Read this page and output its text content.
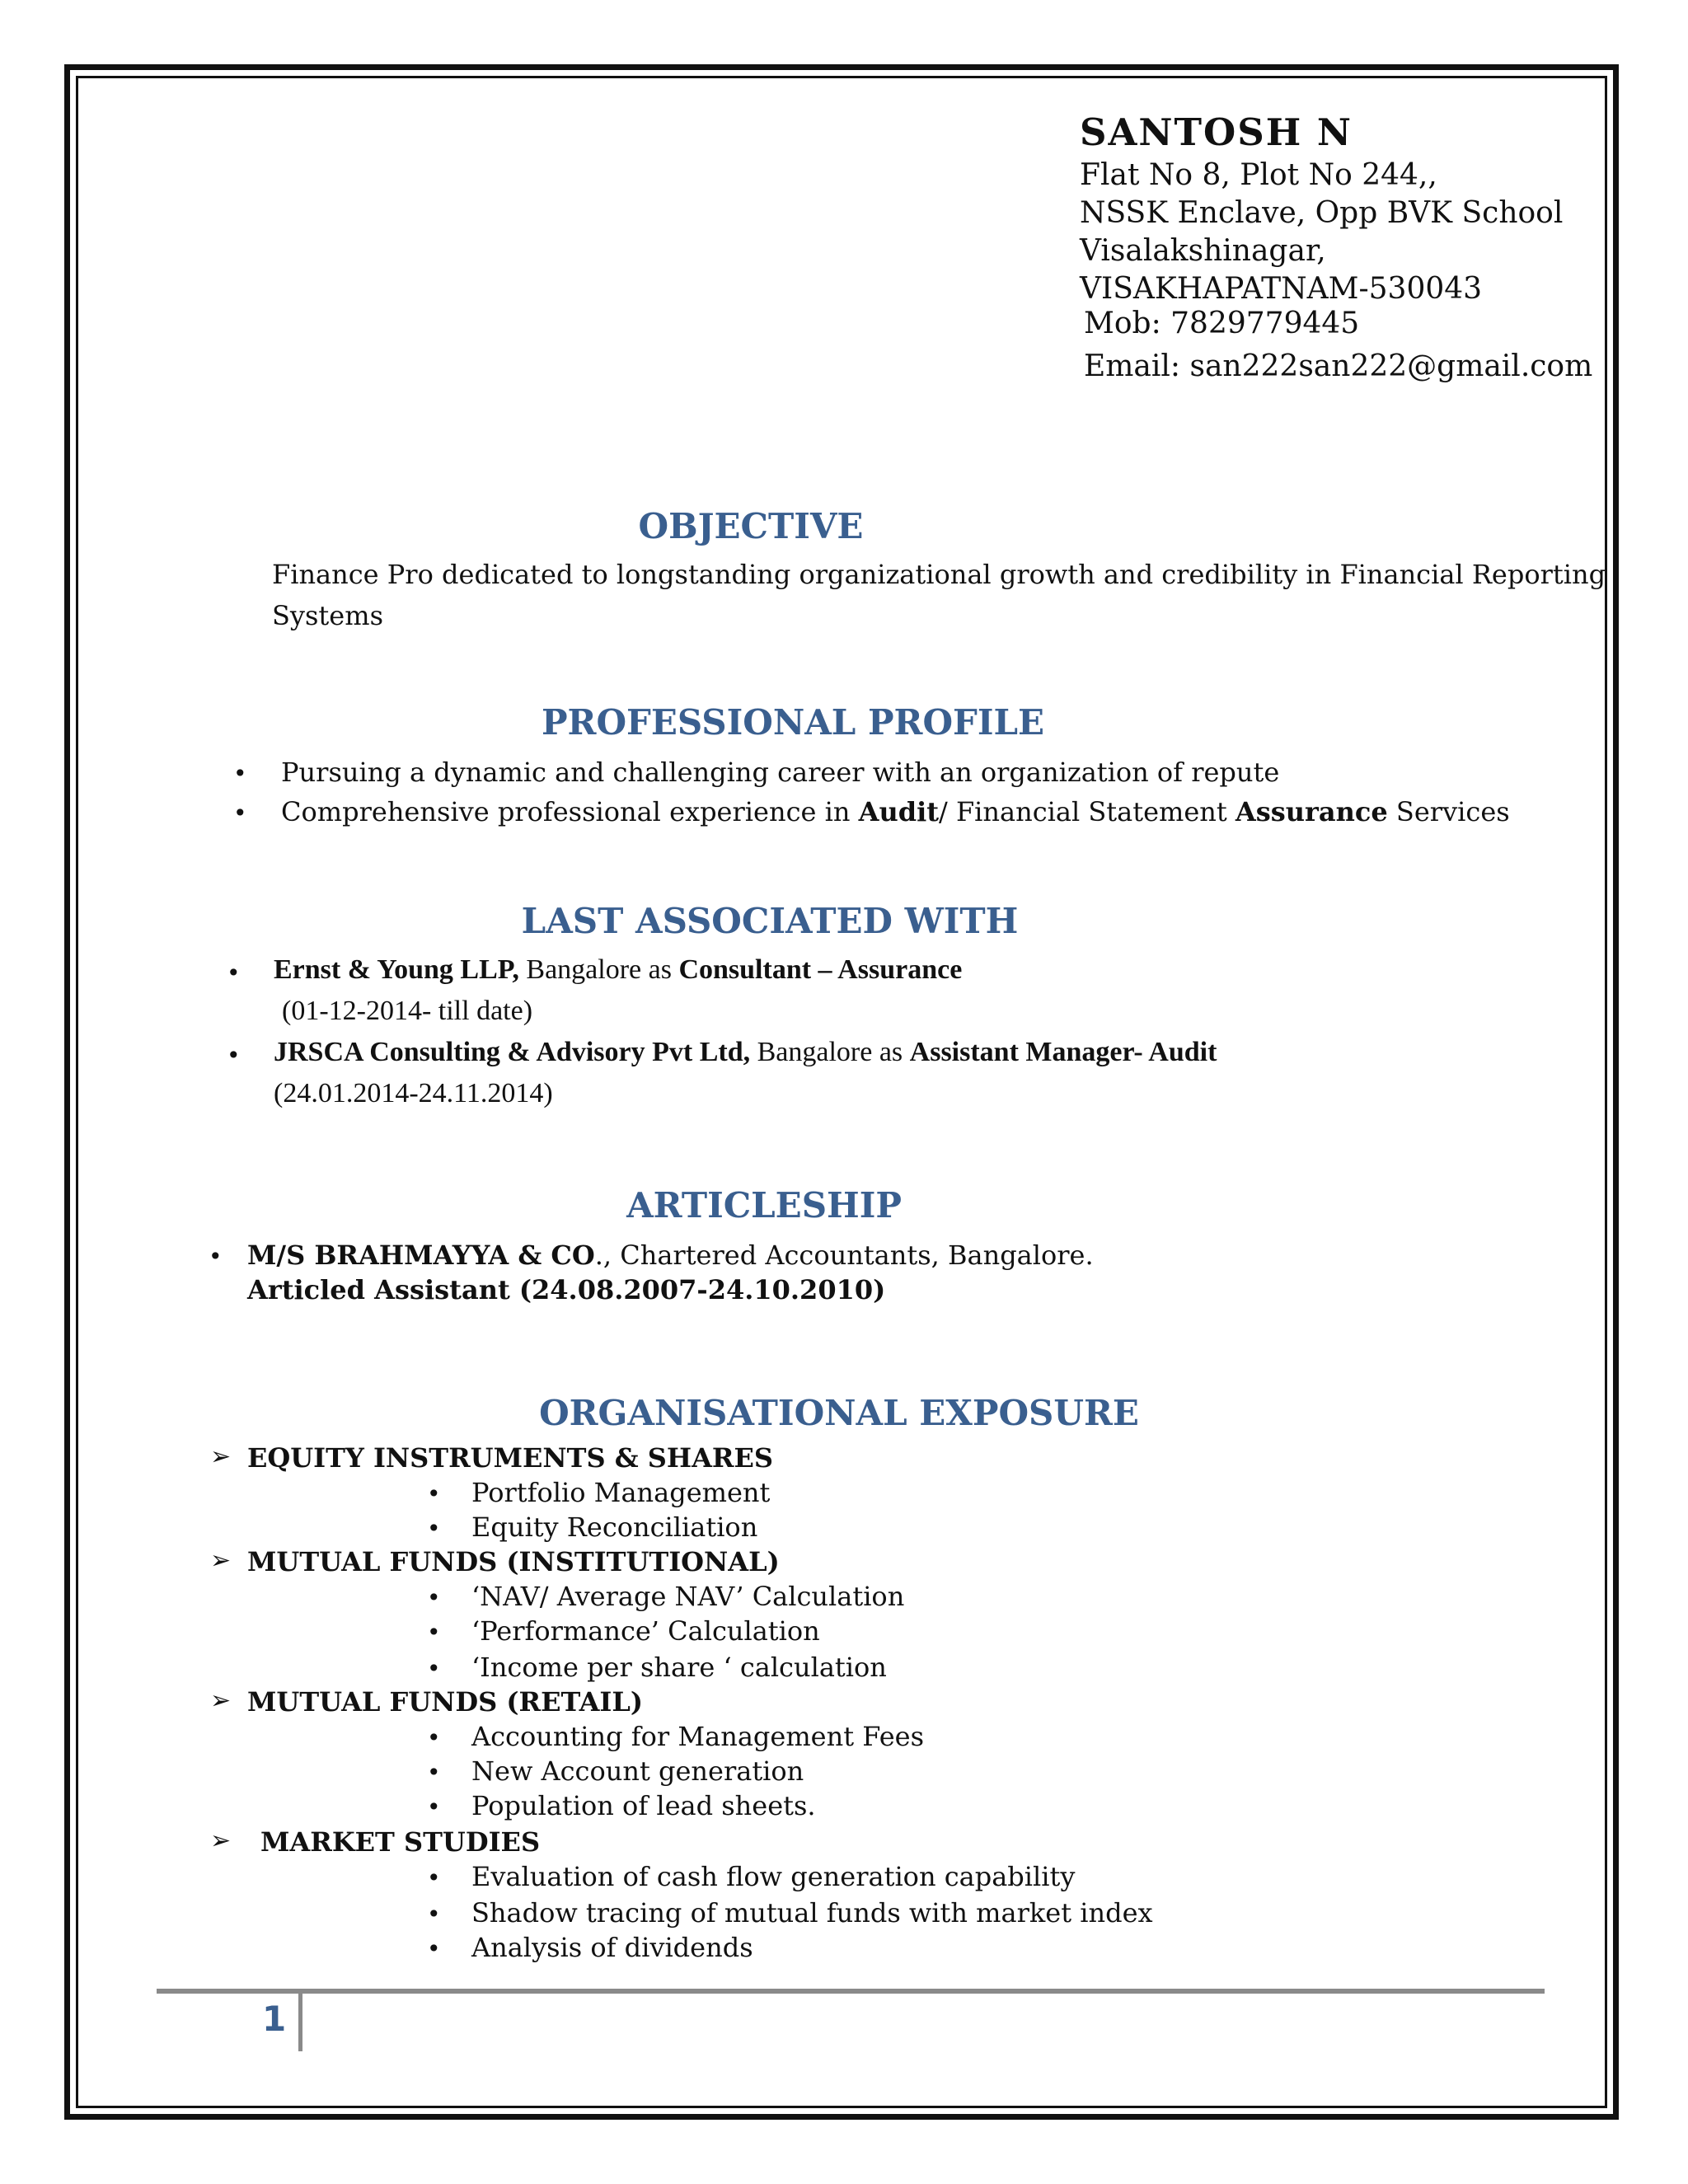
SANTOSH N
Flat No 8, Plot No 244,,
NSSK Enclave, Opp BVK School
Visalakshinagar,
VISAKHAPATNAM-530043
Mob: 7829779445
Email: san222san222@gmail.com
OBJECTIVE
Finance Pro dedicated to longstanding organizational growth and credibility in Financial Reporting
Systems
PROFESSIONAL PROFILE
• Pursuing a dynamic and challenging career with an organization of repute
• Comprehensive professional experience in Audit/ Financial Statement Assurance Services
LAST ASSOCIATED WITH
• Ernst & Young LLP, Bangalore as Consultant – Assurance
(01-12-2014- till date)
• JRSCA Consulting & Advisory Pvt Ltd, Bangalore as Assistant Manager- Audit
(24.01.2014-24.11.2014)
ARTICLESHIP
• M/S BRAHMAYYA & CO., Chartered Accountants, Bangalore.
Articled Assistant (24.08.2007-24.10.2010)
ORGANISATIONAL EXPOSURE
➢ EQUITY INSTRUMENTS & SHARES
• Portfolio Management
• Equity Reconciliation
➢ MUTUAL FUNDS (INSTITUTIONAL)
• ‘NAV/ Average NAV’ Calculation
• ‘Performance’ Calculation
• ‘Income per share ‘ calculation
➢ MUTUAL FUNDS (RETAIL)
• Accounting for Management Fees
• New Account generation
• Population of lead sheets.
➢ MARKET STUDIES
• Evaluation of cash flow generation capability
• Shadow tracing of mutual funds with market index
• Analysis of dividends
1
